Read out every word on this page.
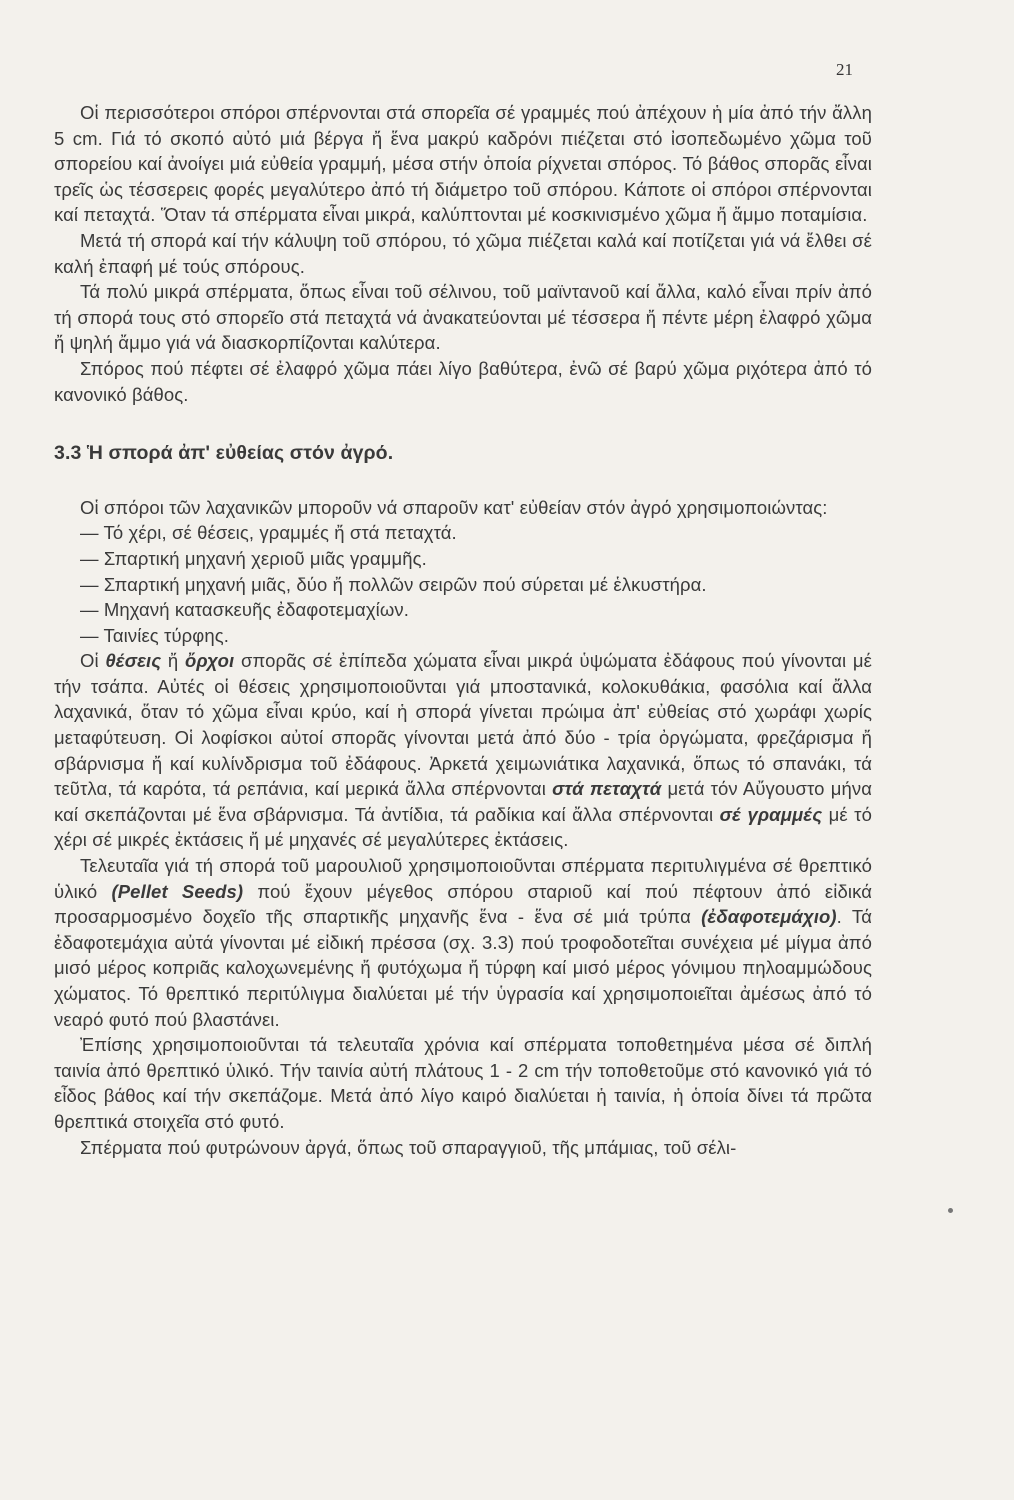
21

Οἱ περισσότεροι σπόροι σπέρνονται στά σπορεῖα σέ γραμμές πού ἀπέχουν ἡ μία ἀπό τήν ἄλλη 5 cm. Γιά τό σκοπό αὐτό μιά βέργα ἤ ἕνα μακρύ καδρόνι πιέζεται στό ἰσοπεδωμένο χῶμα τοῦ σπορείου καί ἀνοίγει μιά εὐθεία γραμμή, μέσα στήν ὁποία ρίχνεται σπόρος. Τό βάθος σπορᾶς εἶναι τρεῖς ὡς τέσσερεις φορές μεγαλύτερο ἀπό τή διάμετρο τοῦ σπόρου. Κάποτε οἱ σπόροι σπέρνονται καί πεταχτά. Ὅταν τά σπέρματα εἶναι μικρά, καλύπτονται μέ κοσκινισμένο χῶμα ἤ ἄμμο ποταμίσια.

Μετά τή σπορά καί τήν κάλυψη τοῦ σπόρου, τό χῶμα πιέζεται καλά καί ποτίζεται γιά νά ἔλθει σέ καλή ἐπαφή μέ τούς σπόρους.

Τά πολύ μικρά σπέρματα, ὅπως εἶναι τοῦ σέλινου, τοῦ μαϊντανοῦ καί ἄλλα, καλό εἶναι πρίν ἀπό τή σπορά τους στό σπορεῖο στά πεταχτά νά ἀνακατεύονται μέ τέσσερα ἤ πέντε μέρη ἐλαφρό χῶμα ἤ ψηλή ἄμμο γιά νά διασκορπίζονται καλύτερα.

Σπόρος πού πέφτει σέ ἐλαφρό χῶμα πάει λίγο βαθύτερα, ἐνῶ σέ βαρύ χῶμα ριχότερα ἀπό τό κανονικό βάθος.

3.3 Ἡ σπορά ἀπ' εὐθείας στόν ἀγρό.

Οἱ σπόροι τῶν λαχανικῶν μποροῦν νά σπαροῦν κατ' εὐθείαν στόν ἀγρό χρησιμοποιώντας:

— Τό χέρι, σέ θέσεις, γραμμές ἤ στά πεταχτά.

— Σπαρτική μηχανή χεριοῦ μιᾶς γραμμῆς.

— Σπαρτική μηχανή μιᾶς, δύο ἤ πολλῶν σειρῶν πού σύρεται μέ ἑλκυστήρα.

— Μηχανή κατασκευῆς ἐδαφοτεμαχίων.

— Ταινίες τύρφης.

Οἱ θέσεις ἤ ὄρχοι σπορᾶς σέ ἐπίπεδα χώματα εἶναι μικρά ὑψώματα ἐδάφους πού γίνονται μέ τήν τσάπα. Αὐτές οἱ θέσεις χρησιμοποιοῦνται γιά μποστανικά, κολοκυθάκια, φασόλια καί ἄλλα λαχανικά, ὅταν τό χῶμα εἶναι κρύο, καί ἡ σπορά γίνεται πρώιμα ἀπ' εὐθείας στό χωράφι χωρίς μεταφύτευση. Οἱ λοφίσκοι αὐτοί σπορᾶς γίνονται μετά ἀπό δύο - τρία ὀργώματα, φρεζάρισμα ἤ σβάρνισμα ἤ καί κυλίνδρισμα τοῦ ἐδάφους. Ἀρκετά χειμωνιάτικα λαχανικά, ὅπως τό σπανάκι, τά τεῦτλα, τά καρότα, τά ρεπάνια, καί μερικά ἄλλα σπέρνονται στά πεταχτά μετά τόν Αὔγουστο μήνα καί σκεπάζονται μέ ἕνα σβάρνισμα. Τά ἀντίδια, τά ραδίκια καί ἄλλα σπέρνονται σέ γραμμές μέ τό χέρι σέ μικρές ἐκτάσεις ἤ μέ μηχανές σέ μεγαλύτερες ἐκτάσεις.

Τελευταῖα γιά τή σπορά τοῦ μαρουλιοῦ χρησιμοποιοῦνται σπέρματα περιτυλιγμένα σέ θρεπτικό ὑλικό (Pellet Seeds) πού ἔχουν μέγεθος σπόρου σταριοῦ καί πού πέφτουν ἀπό εἰδικά προσαρμοσμένο δοχεῖο τῆς σπαρτικῆς μηχανῆς ἕνα - ἕνα σέ μιά τρύπα (ἐδαφοτεμάχιο). Τά ἐδαφοτεμάχια αὐτά γίνονται μέ εἰδική πρέσσα (σχ. 3.3) πού τροφοδοτεῖται συνέχεια μέ μίγμα ἀπό μισό μέρος κοπριᾶς καλοχωνεμένης ἤ φυτόχωμα ἤ τύρφη καί μισό μέρος γόνιμου πηλοαμμώδους χώματος. Τό θρεπτικό περιτύλιγμα διαλύεται μέ τήν ὑγρασία καί χρησιμοποιεῖται ἀμέσως ἀπό τό νεαρό φυτό πού βλαστάνει.

Ἐπίσης χρησιμοποιοῦνται τά τελευταῖα χρόνια καί σπέρματα τοποθετημένα μέσα σέ διπλή ταινία ἀπό θρεπτικό ὑλικό. Τήν ταινία αὐτή πλάτους 1 - 2 cm τήν τοποθετοῦμε στό κανονικό γιά τό εἶδος βάθος καί τήν σκεπάζομε. Μετά ἀπό λίγο καιρό διαλύεται ἡ ταινία, ἡ ὁποία δίνει τά πρῶτα θρεπτικά στοιχεῖα στό φυτό.

Σπέρματα πού φυτρώνουν ἀργά, ὅπως τοῦ σπαραγγιοῦ, τῆς μπάμιας, τοῦ σέλι-
